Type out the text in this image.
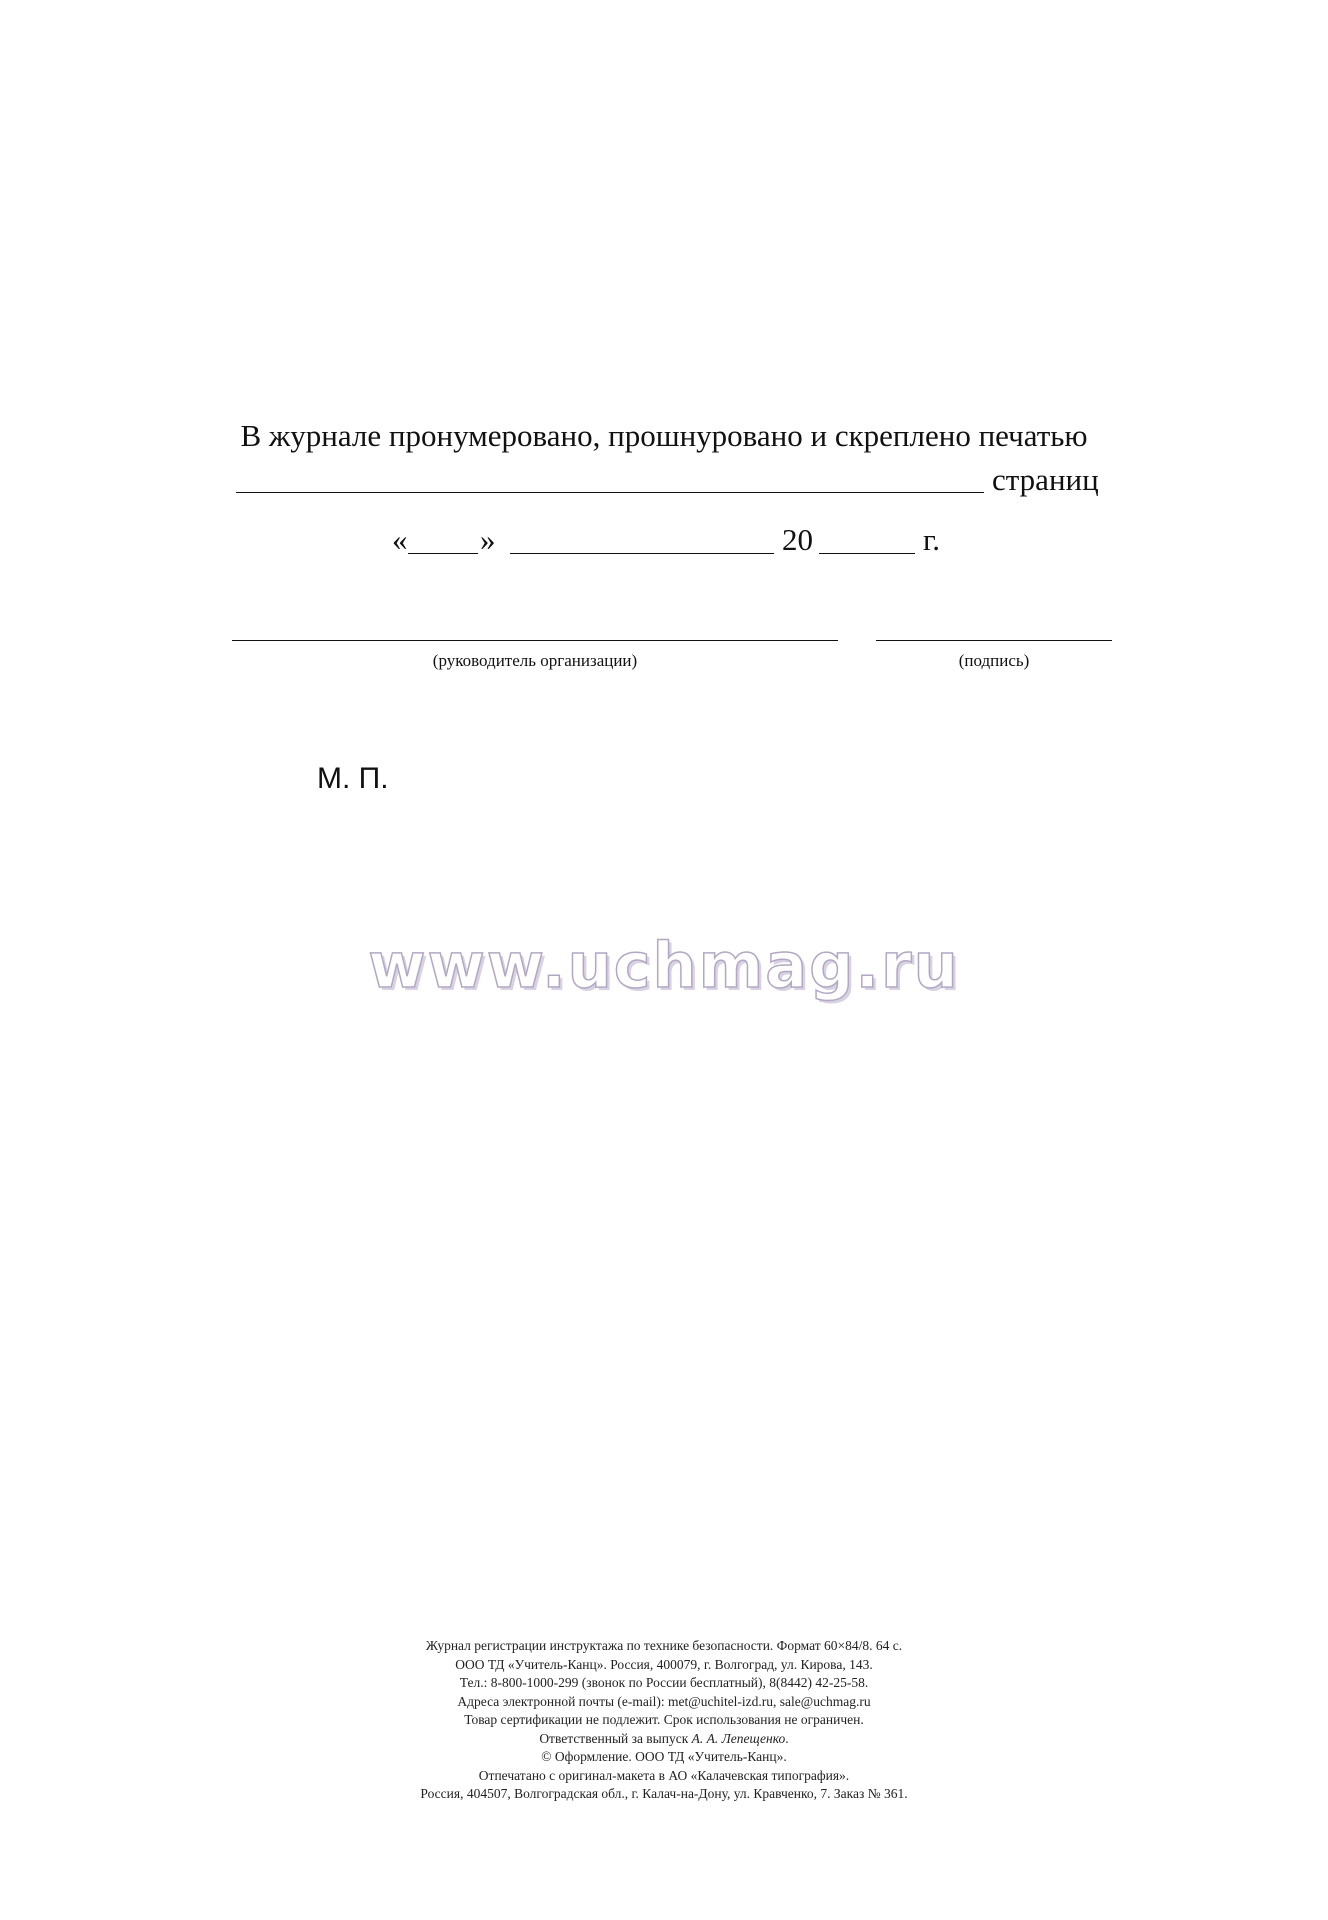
В журнале пронумеровано, прошнуровано и скреплено печатью
страниц
« »	20	г.
(руководитель организации)	(подпись)
М. П.
www.uchmag.ru
Журнал регистрации инструктажа по технике безопасности. Формат 60×84/8. 64 с.
ООО ТД «Учитель-Канц». Россия, 400079, г. Волгоград, ул. Кирова, 143.
Тел.: 8-800-1000-299 (звонок по России бесплатный), 8(8442) 42-25-58.
Адреса электронной почты (e-mail): met@uchitel-izd.ru, sale@uchmag.ru
Товар сертификации не подлежит. Срок использования не ограничен.
Ответственный за выпуск А. А. Лепещенко.
© Оформление. ООО ТД «Учитель-Канц».
Отпечатано с оригинал-макета в АО «Калачевская типография».
Россия, 404507, Волгоградская обл., г. Калач-на-Дону, ул. Кравченко, 7. Заказ № 361.
